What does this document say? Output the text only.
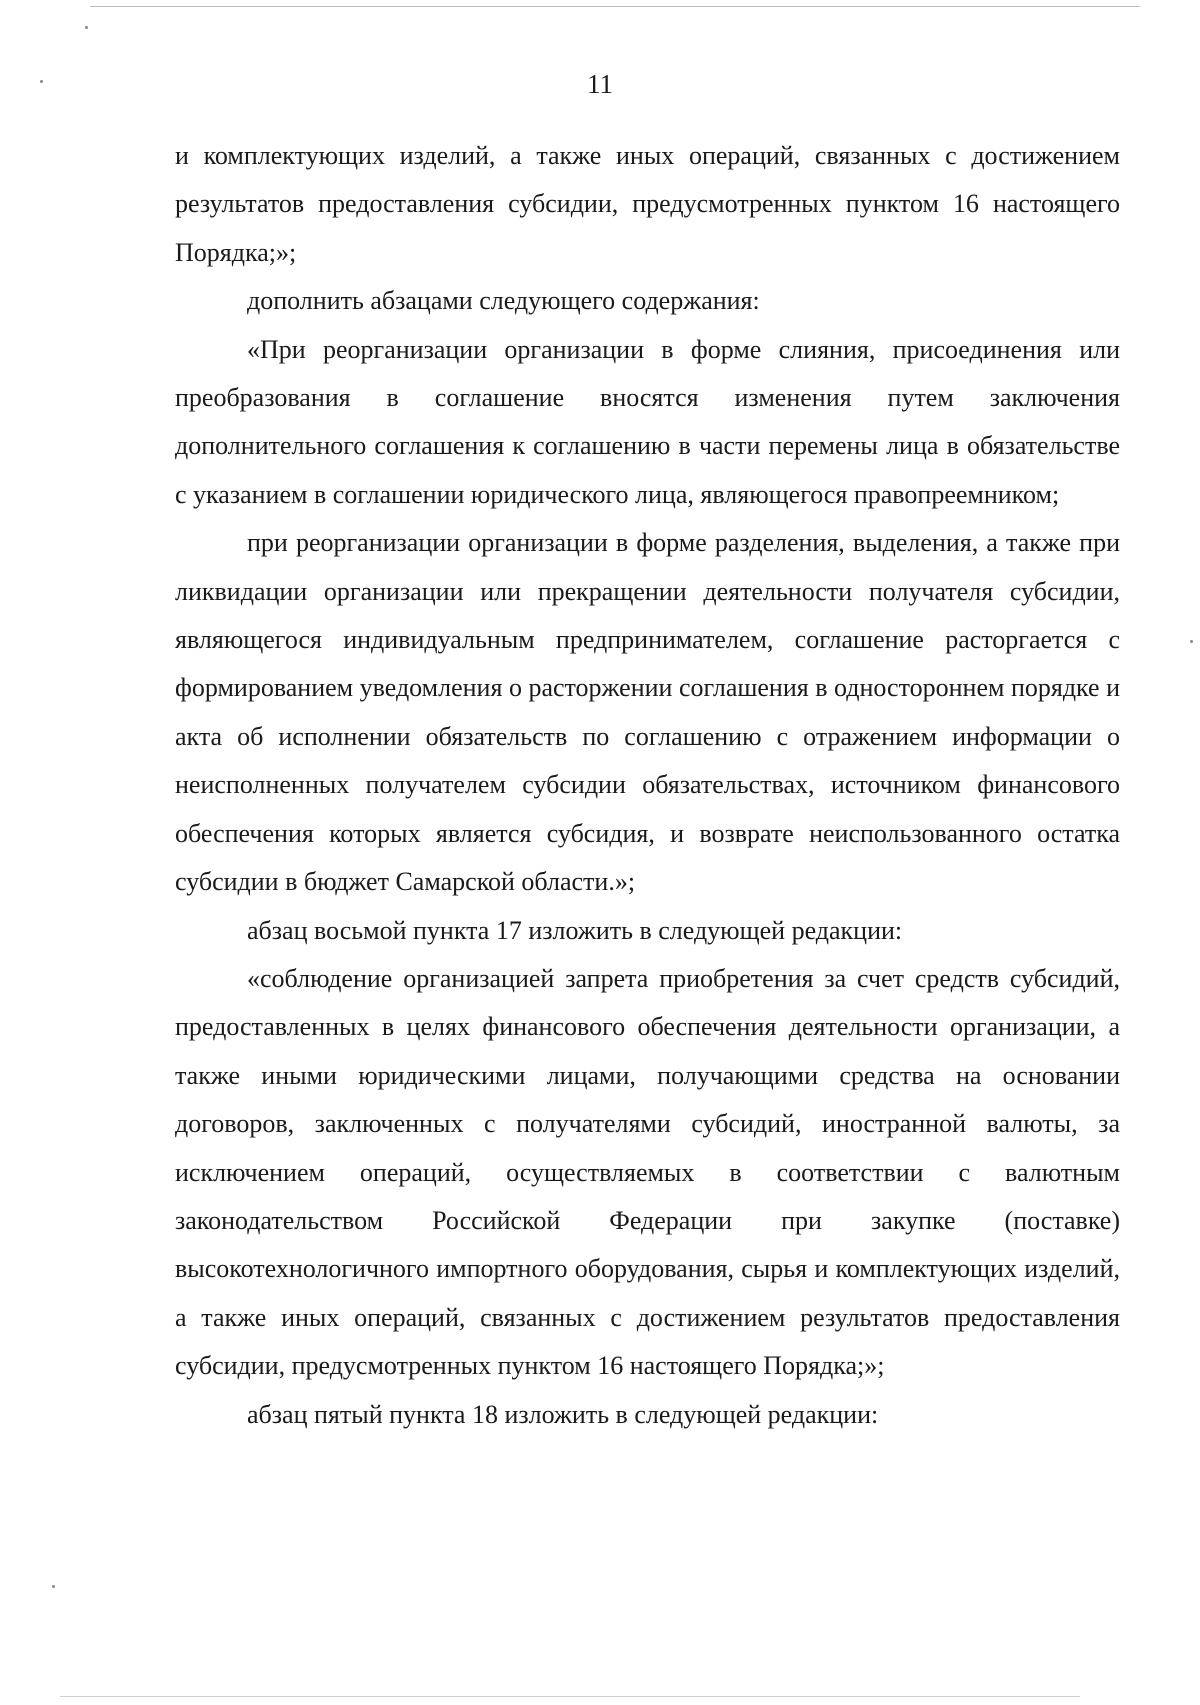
11

и комплектующих изделий, а также иных операций, связанных с достижением результатов предоставления субсидии, предусмотренных пунктом 16 настоящего Порядка;»;

дополнить абзацами следующего содержания:

«При реорганизации организации в форме слияния, присоединения или преобразования в соглашение вносятся изменения путем заключения дополнительного соглашения к соглашению в части перемены лица в обязательстве с указанием в соглашении юридического лица, являющегося правопреемником;

при реорганизации организации в форме разделения, выделения, а также при ликвидации организации или прекращении деятельности получателя субсидии, являющегося индивидуальным предпринимателем, соглашение расторгается с формированием уведомления о расторжении соглашения в одностороннем порядке и акта об исполнении обязательств по соглашению с отражением информации о неисполненных получателем субсидии обязательствах, источником финансового обеспечения которых является субсидия, и возврате неиспользованного остатка субсидии в бюджет Самарской области.»;

абзац восьмой пункта 17 изложить в следующей редакции:

«соблюдение организацией запрета приобретения за счет средств субсидий, предоставленных в целях финансового обеспечения деятельности организации, а также иными юридическими лицами, получающими средства на основании договоров, заключенных с получателями субсидий, иностранной валюты, за исключением операций, осуществляемых в соответствии с валютным законодательством Российской Федерации при закупке (поставке) высокотехнологичного импортного оборудования, сырья и комплектующих изделий, а также иных операций, связанных с достижением результатов предоставления субсидии, предусмотренных пунктом 16 настоящего Порядка;»;

абзац пятый пункта 18 изложить в следующей редакции:
